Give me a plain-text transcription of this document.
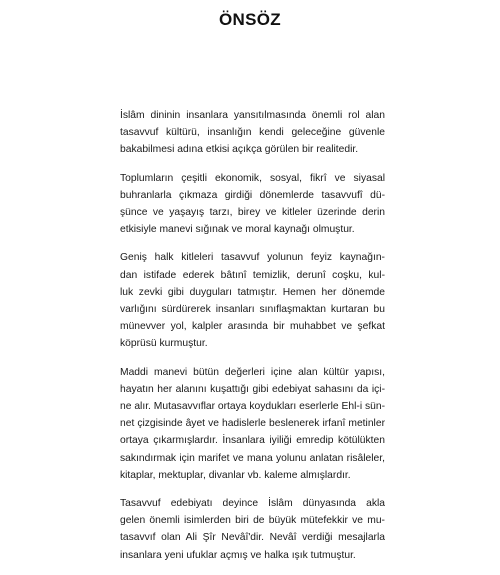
ÖNSÖZ

İslâm dininin insanlara yansıtılmasında önemli rol alan
tasavvuf kültürü, insanlığın kendi geleceğine güvenle
bakabilmesi adına etkisi açıkça görülen bir realitedir.

Toplumların çeşitli ekonomik, sosyal, fikrî ve siyasal
buhranlarla çıkmaza girdiği dönemlerde tasavvufî dü-
şünce ve yaşayış tarzı, birey ve kitleler üzerinde derin
etkisiyle manevi sığınak ve moral kaynağı olmuştur.

Geniş halk kitleleri tasavvuf yolunun feyiz kaynağın-
dan istifade ederek bâtınî temizlik, derunî coşku, kul-
luk zevki gibi duyguları tatmıştır. Hemen her dönemde
varlığını sürdürerek insanları sınıflaşmaktan kurtaran bu
münevver yol, kalpler arasında bir muhabbet ve şefkat
köprüsü kurmuştur.

Maddi manevi bütün değerleri içine alan kültür yapısı,
hayatın her alanını kuşattığı gibi edebiyat sahasını da içi-
ne alır. Mutasavvıflar ortaya koydukları eserlerle Ehl-i sün-
net çizgisinde âyet ve hadislerle beslenerek irfanî metinler
ortaya çıkarmışlardır. İnsanlara iyiliği emredip kötülükten
sakındırmak için marifet ve mana yolunu anlatan risâleler,
kitaplar, mektuplar, divanlar vb. kaleme almışlardır.

Tasavvuf edebiyatı deyince İslâm dünyasında akla
gelen önemli isimlerden biri de büyük mütefekkir ve mu-
tasavvıf olan Ali Şîr Nevâî'dir. Nevâî verdiği mesajlarla
insanlara yeni ufuklar açmış ve halka ışık tutmuştur.
